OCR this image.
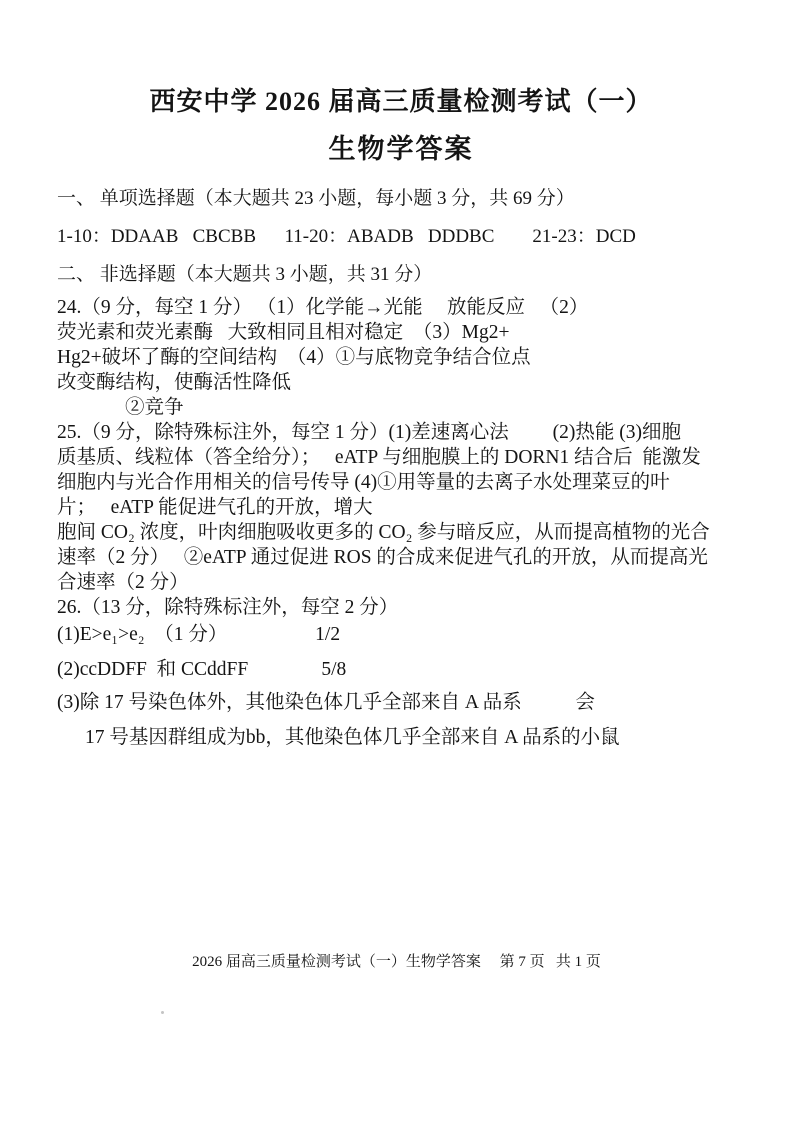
西安中学 2026 届高三质量检测考试（一）
生物学答案

一、 单项选择题（本大题共 23 小题，每小题 3 分，共 69 分）

1-10：DDAAB   CBCBB      11-20：ABADB   DDDBC        21-23：DCD

二、 非选择题（本大题共 3 小题，共 31 分）

24.（9 分，每空 1 分） （1）化学能→光能     放能反应   （2）

荧光素和荧光素酶   大致相同且相对稳定  （3）Mg2+

Hg2+破坏了酶的空间结构  （4）①与底物竞争结合位点

改变酶结构，使酶活性降低

②竞争

25.（9 分，除特殊标注外，每空 1 分）(1)差速离心法         (2)热能 (3)细胞

质基质、线粒体（答全给分）；   eATP 与细胞膜上的 DORN1 结合后  能激发

细胞内与光合作用相关的信号传导 (4)①用等量的去离子水处理菜豆的叶

片；   eATP 能促进气孔的开放，增大

胞间 CO₂ 浓度，叶肉细胞吸收更多的 CO₂ 参与暗反应，从而提高植物的光合

速率（2 分）   ②eATP 通过促进 ROS 的合成来促进气孔的开放，从而提高光

合速率（2 分）

26.（13 分，除特殊标注外，每空 2 分）

(1)E>e₁>e₂  （1 分）                  1/2

(2)ccDDFF  和 CCddFF               5/8

(3)除 17 号染色体外，其他染色体几乎全部来自 A 品系           会

17 号基因群组成为bb，其他染色体几乎全部来自 A 品系的小鼠

2026 届高三质量检测考试（一）生物学答案     第 7 页   共 1 页
